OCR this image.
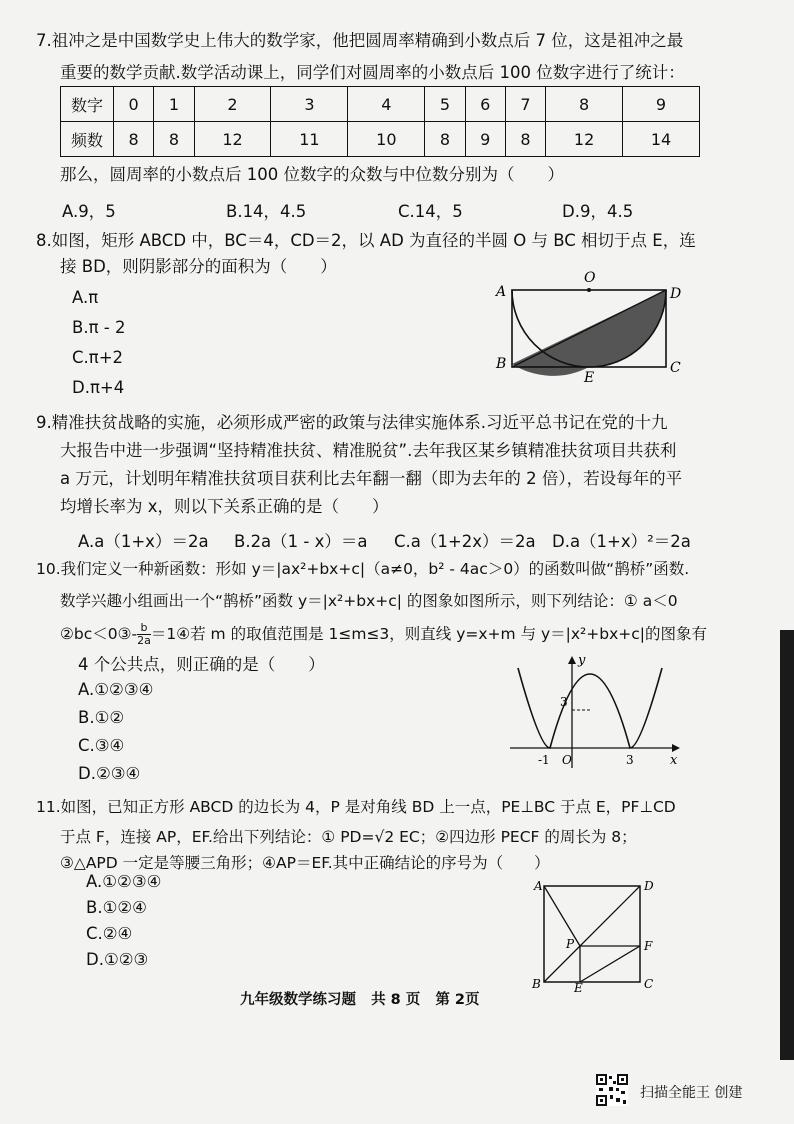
7.祖冲之是中国数学史上伟大的数学家，他把圆周率精确到小数点后 7 位，这是祖冲之最
重要的数学贡献.数学活动课上，同学们对圆周率的小数点后 100 位数字进行了统计：
数字	0	1	2	3	4	5	6	7	8	9
频数	8	8	12	11	10	8	9	8	12	14
那么，圆周率的小数点后 100 位数字的众数与中位数分别为（　　）
A.9，5	B.14，4.5	C.14，5	D.9，4.5
8.如图，矩形 ABCD 中，BC＝4，CD＝2，以 AD 为直径的半圆 O 与 BC 相切于点 E，连
接 BD，则阴影部分的面积为（　　）
A.π
B.π - 2
C.π+2
D.π+4
A
O
D
B
E
C
9.精准扶贫战略的实施，必须形成严密的政策与法律实施体系.习近平总书记在党的十九
大报告中进一步强调“坚持精准扶贫、精准脱贫”.去年我区某乡镇精准扶贫项目共获利
a 万元，计划明年精准扶贫项目获利比去年翻一翻（即为去年的 2 倍），若设每年的平
均增长率为 x，则以下关系正确的是（　　）
A.a（1+x）＝2a B.2a（1 - x）＝a C.a（1+2x）＝2a D.a（1+x）²＝2a
10.我们定义一种新函数：形如 y＝|ax²+bx+c|（a≠0，b² - 4ac＞0）的函数叫做“鹊桥”函数.
数学兴趣小组画出一个“鹊桥”函数 y＝|x²+bx+c| 的图象如图所示，则下列结论：① a＜0
②bc＜0③- $\frac{b}{2a}$ ＝1④若 m 的取值范围是 1≤m≤3，则直线 y=x+m 与 y＝|x²+bx+c|的图象有
4 个公共点，则正确的是（　　）
A.①②③④
B.①②
C.③④
D.②③④
y
x
3
-1 O	3
11.如图，已知正方形 ABCD 的边长为 4，P 是对角线 BD 上一点，PE⊥BC 于点 E，PF⊥CD
于点 F，连接 AP，EF.给出下列结论：① PD=√2 EC；②四边形 PECF 的周长为 8；
③△APD 一定是等腰三角形；④AP＝EF.其中正确结论的序号为（　　）
A.①②③④
B.①②④
C.②④
D.①②③
A	D
P	F
B	E	C
九年级数学练习题 共 8 页 第 2页
扫描全能王 创建
